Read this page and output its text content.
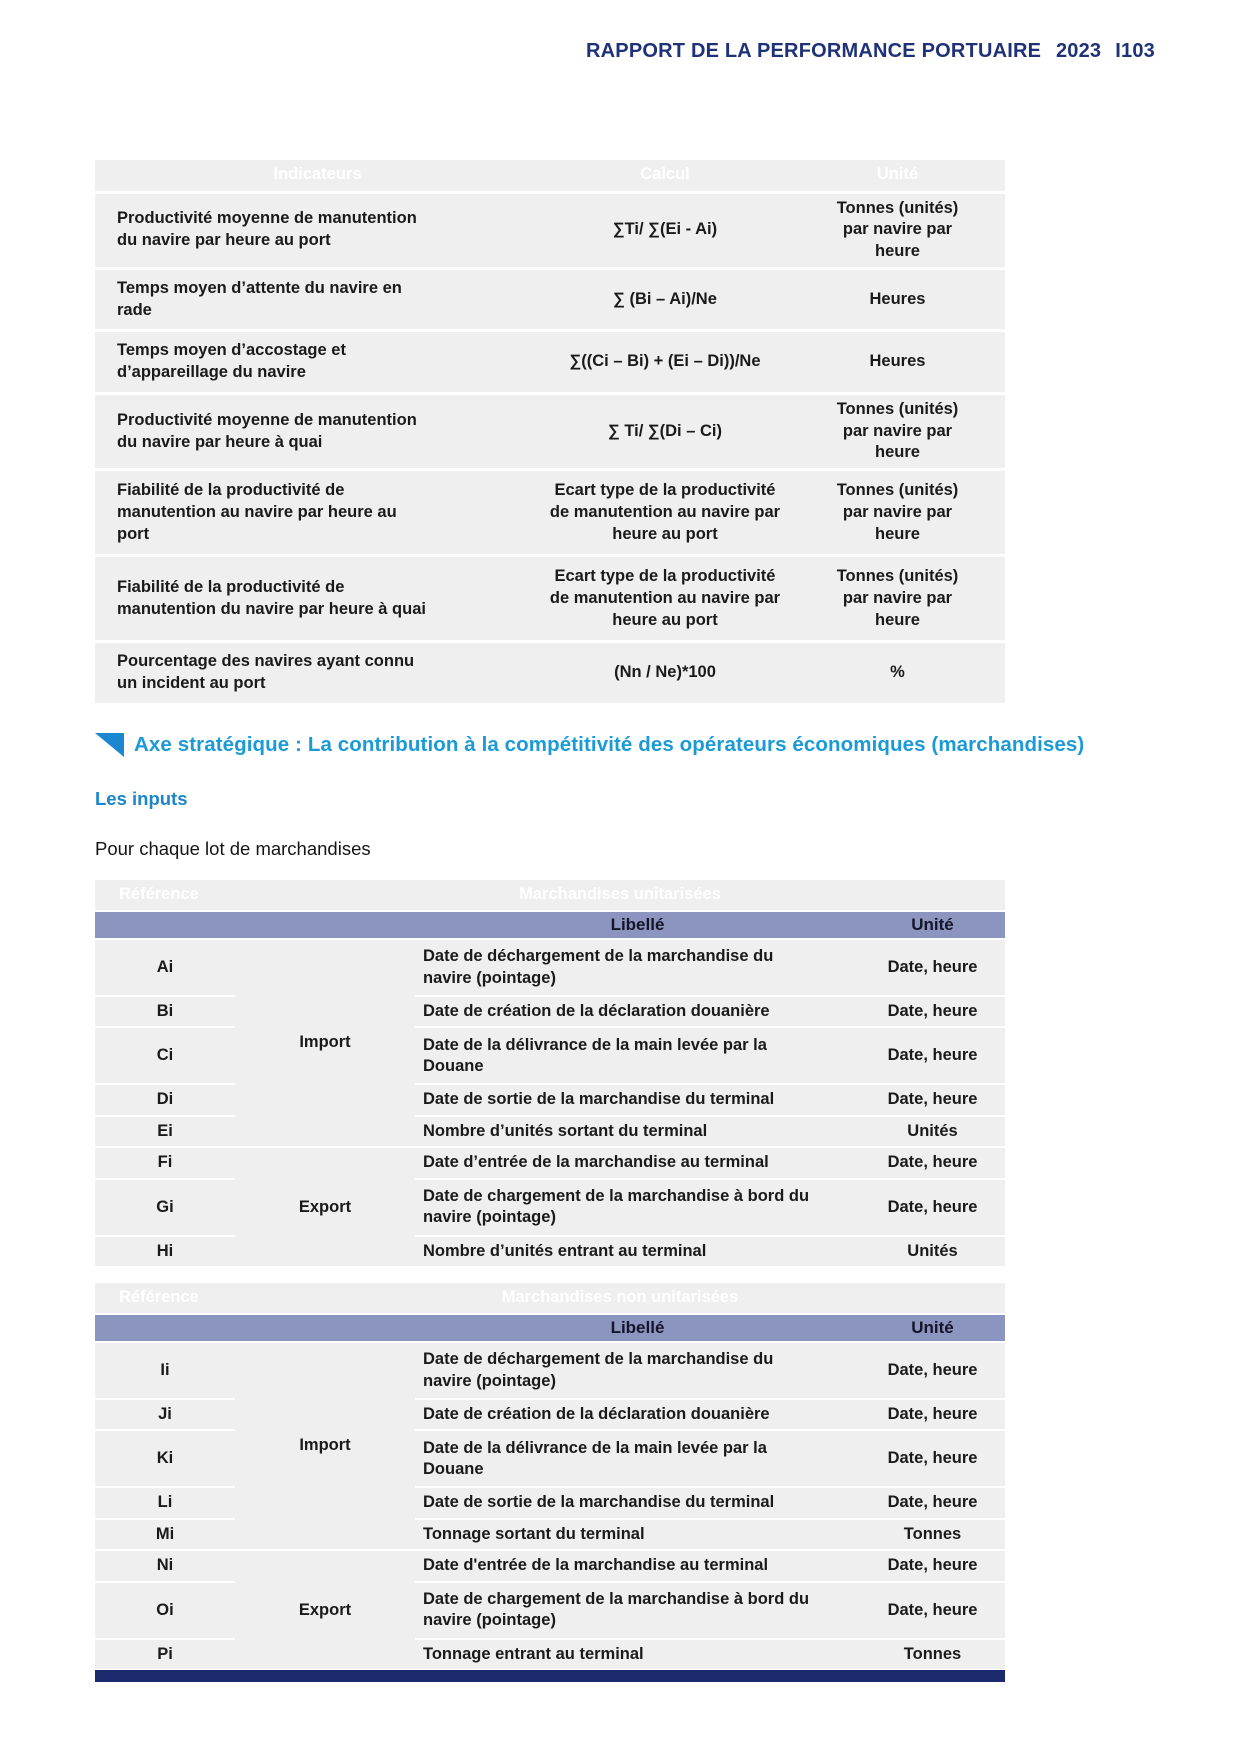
RAPPORT DE LA PERFORMANCE PORTUAIRE 2023 I103
Indicateurs	Calcul	Unité
Productivité moyenne de manutention du navire par heure au port	∑Ti/ ∑(Ei - Ai)	Tonnes (unités) par navire par heure
Temps moyen d’attente du navire en rade	∑ (Bi – Ai)/Ne	Heures
Temps moyen d’accostage et d’appareillage du navire	∑((Ci – Bi) + (Ei – Di))/Ne	Heures
Productivité moyenne de manutention du navire par heure à quai	∑ Ti/ ∑(Di – Ci)	Tonnes (unités) par navire par heure
Fiabilité de la productivité de manutention au navire par heure au port	Ecart type de la productivité de manutention au navire par heure au port	Tonnes (unités) par navire par heure
Fiabilité de la productivité de manutention du navire par heure à quai	Ecart type de la productivité de manutention au navire par heure au port	Tonnes (unités) par navire par heure
Pourcentage des navires ayant connu un incident au port	(Nn / Ne)*100	%
Axe stratégique : La contribution à la compétitivité des opérateurs économiques (marchandises)
Les inputs
Pour chaque lot de marchandises
Référence	Marchandises unitarisées		
		Libellé	Unité
Ai	Import	Date de déchargement de la marchandise du navire (pointage)	Date, heure
Bi		Date de création de la déclaration douanière	Date, heure
Ci		Date de la délivrance de la main levée par la Douane	Date, heure
Di		Date de sortie de la marchandise du terminal	Date, heure
Ei		Nombre d’unités sortant du terminal	Unités
Fi	Export	Date d’entrée de la marchandise au terminal	Date, heure
Gi		Date de chargement de la marchandise à bord du navire (pointage)	Date, heure
Hi		Nombre d’unités entrant au terminal	Unités
Référence	Marchandises non unitarisées		
		Libellé	Unité
Ii	Import	Date de déchargement de la marchandise du navire (pointage)	Date, heure
Ji		Date de création de la déclaration douanière	Date, heure
Ki		Date de la délivrance de la main levée par la Douane	Date, heure
Li		Date de sortie de la marchandise du terminal	Date, heure
Mi		Tonnage sortant du terminal	Tonnes
Ni	Export	Date d'entrée de la marchandise au terminal	Date, heure
Oi		Date de chargement de la marchandise à bord du navire (pointage)	Date, heure
Pi		Tonnage entrant au terminal	Tonnes
